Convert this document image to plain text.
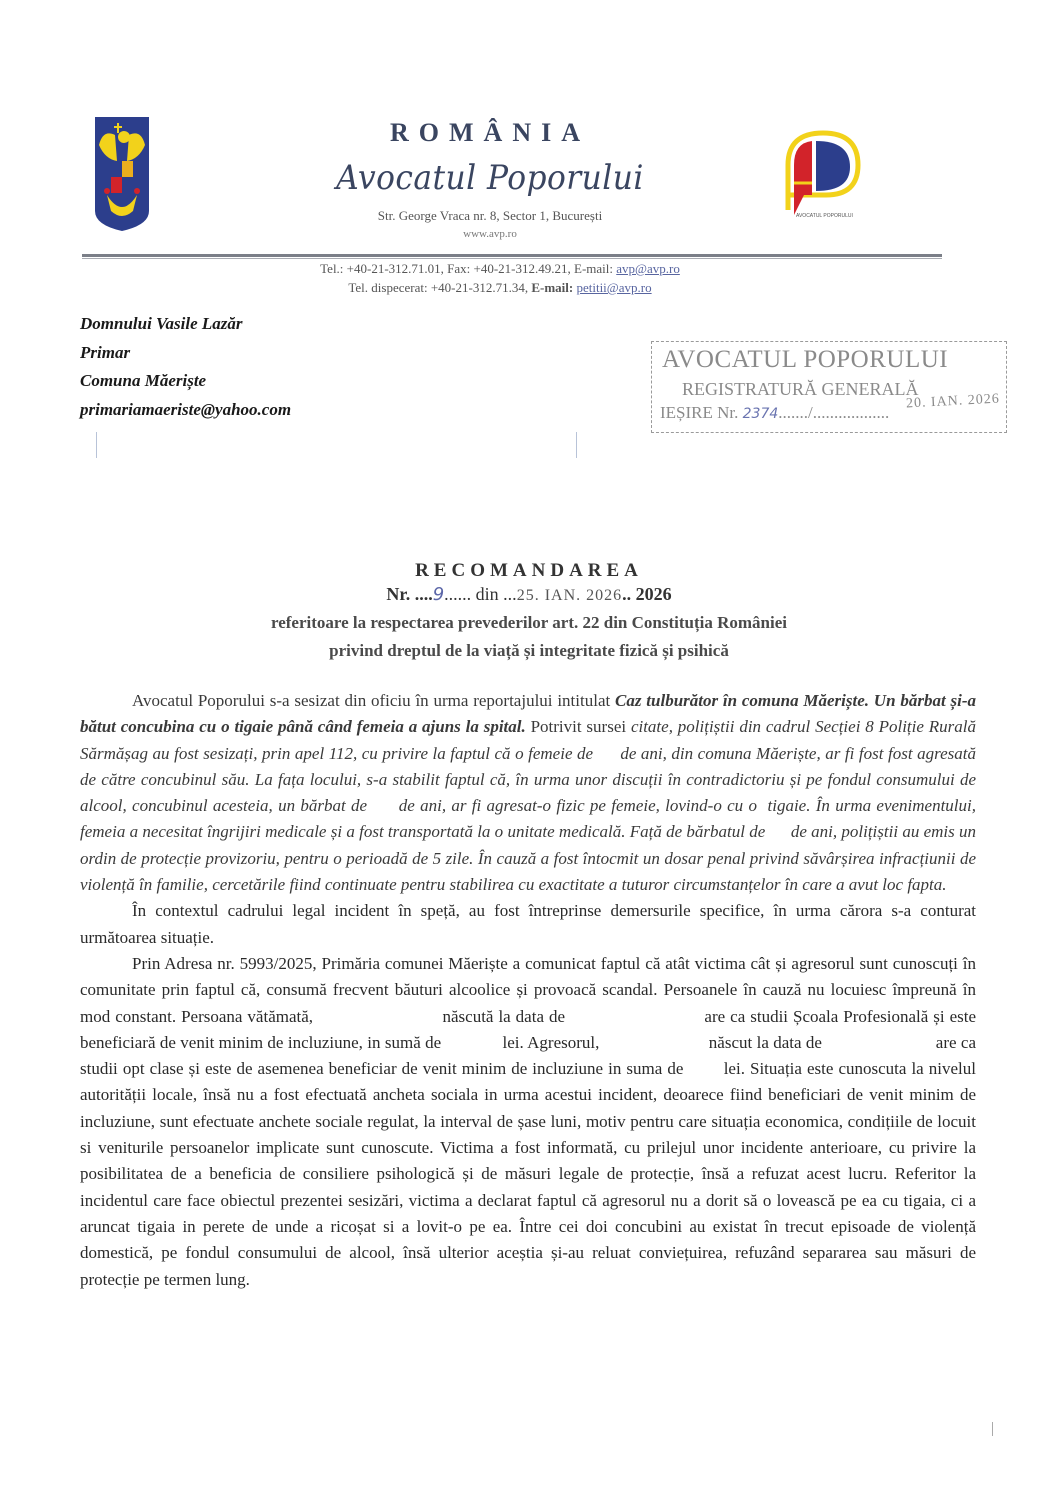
ROMÂNIA
Avocatul Poporului
Str. George Vraca nr. 8, Sector 1, București
www.avp.ro
AVOCATUL POPORULUI
Tel.: +40-21-312.71.01, Fax: +40-21-312.49.21, E-mail: avp@avp.ro
Tel. dispecerat: +40-21-312.71.34, E-mail: petitii@avp.ro
Domnului Vasile Lazăr
Primar
Comuna Măeriște
primariamaeriste@yahoo.com
AVOCATUL POPORULUI
REGISTRATURĂ GENERALĂ
IEȘIRE Nr. 2374......./..................
20. IAN. 2026
RECOMANDAREA
Nr. ....9...... din ...25. IAN. 2026.. 2026
referitoare la respectarea prevederilor art. 22 din Constituția României
privind dreptul de la viață și integritate fizică și psihică

Avocatul Poporului s-a sesizat din oficiu în urma reportajului intitulat Caz tulburător în comuna Măeriște. Un bărbat și-a bătut concubina cu o tigaie până când femeia a ajuns la spital. Potrivit sursei citate, polițiștii din cadrul Secției 8 Poliție Rurală Sărmășag au fost sesizați, prin apel 112, cu privire la faptul că o femeie de      de ani, din comuna Măeriște, ar fi fost fost agresată de către concubinul său. La fața locului, s-a stabilit faptul că, în urma unor discuții în contradictoriu și pe fondul consumului de alcool, concubinul acesteia, un bărbat de      de ani, ar fi agresat-o fizic pe femeie, lovind-o cu o  tigaie. În urma evenimentului, femeia a necesitat îngrijiri medicale și a fost transportată la o unitate medicală. Față de bărbatul de      de ani, polițiștii au emis un ordin de protecție provizoriu, pentru o perioadă de 5 zile. În cauză a fost întocmit un dosar penal privind săvârșirea infracțiunii de violență în familie, cercetările fiind continuate pentru stabilirea cu exactitate a tuturor circumstanțelor în care a avut loc fapta.

În contextul cadrului legal incident în speță, au fost întreprinse demersurile specifice, în urma cărora s-a conturat următoarea situație.

Prin Adresa nr. 5993/2025, Primăria comunei Măeriște a comunicat faptul că atât victima cât și agresorul sunt cunoscuți în comunitate prin faptul că, consumă frecvent băuturi alcoolice și provoacă scandal. Persoanele în cauză nu locuiesc împreună în mod constant. Persoana vătămată,                          născută la data de                            are ca studii Școala Profesională și este beneficiară de venit minim de incluziune, in sumă de              lei. Agresorul,                         născut la data de                          are ca studii opt clase și este de asemenea beneficiar de venit minim de incluziune in suma de        lei. Situația este cunoscuta la nivelul autorității locale, însă nu a fost efectuată ancheta sociala in urma acestui incident, deoarece fiind beneficiari de venit minim de incluziune, sunt efectuate anchete sociale regulat, la interval de șase luni, motiv pentru care situația economica, condițiile de locuit si veniturile persoanelor implicate sunt cunoscute. Victima a fost informată, cu prilejul unor incidente anterioare, cu privire la posibilitatea de a beneficia de consiliere psihologică și de măsuri legale de protecție, însă a refuzat acest lucru. Referitor la incidentul care face obiectul prezentei sesizări, victima a declarat faptul că agresorul nu a dorit să o lovească pe ea cu tigaia, ci a aruncat tigaia in perete de unde a ricoșat si a lovit-o pe ea. Între cei doi concubini au existat în trecut episoade de violență domestică, pe fondul consumului de alcool, însă ulterior aceștia și-au reluat conviețuirea, refuzând separarea sau măsuri de protecție pe termen lung.
